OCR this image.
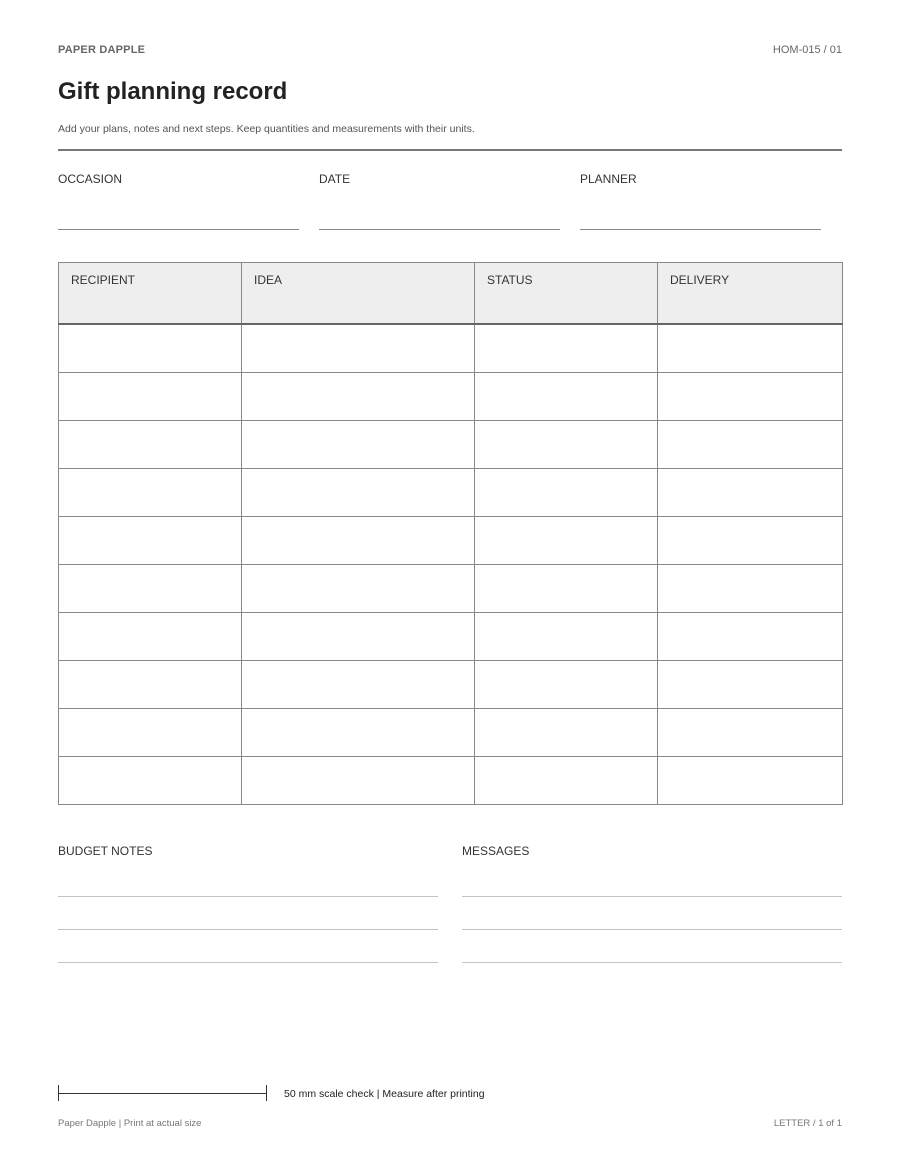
PAPER DAPPLE	HOM-015 / 01
Gift planning record
Add your plans, notes and next steps. Keep quantities and measurements with their units.
OCCASION	DATE	PLANNER
RECIPIENT	IDEA	STATUS	DELIVERY

BUDGET NOTES	MESSAGES
50 mm scale check | Measure after printing
Paper Dapple | Print at actual size	LETTER / 1 of 1
